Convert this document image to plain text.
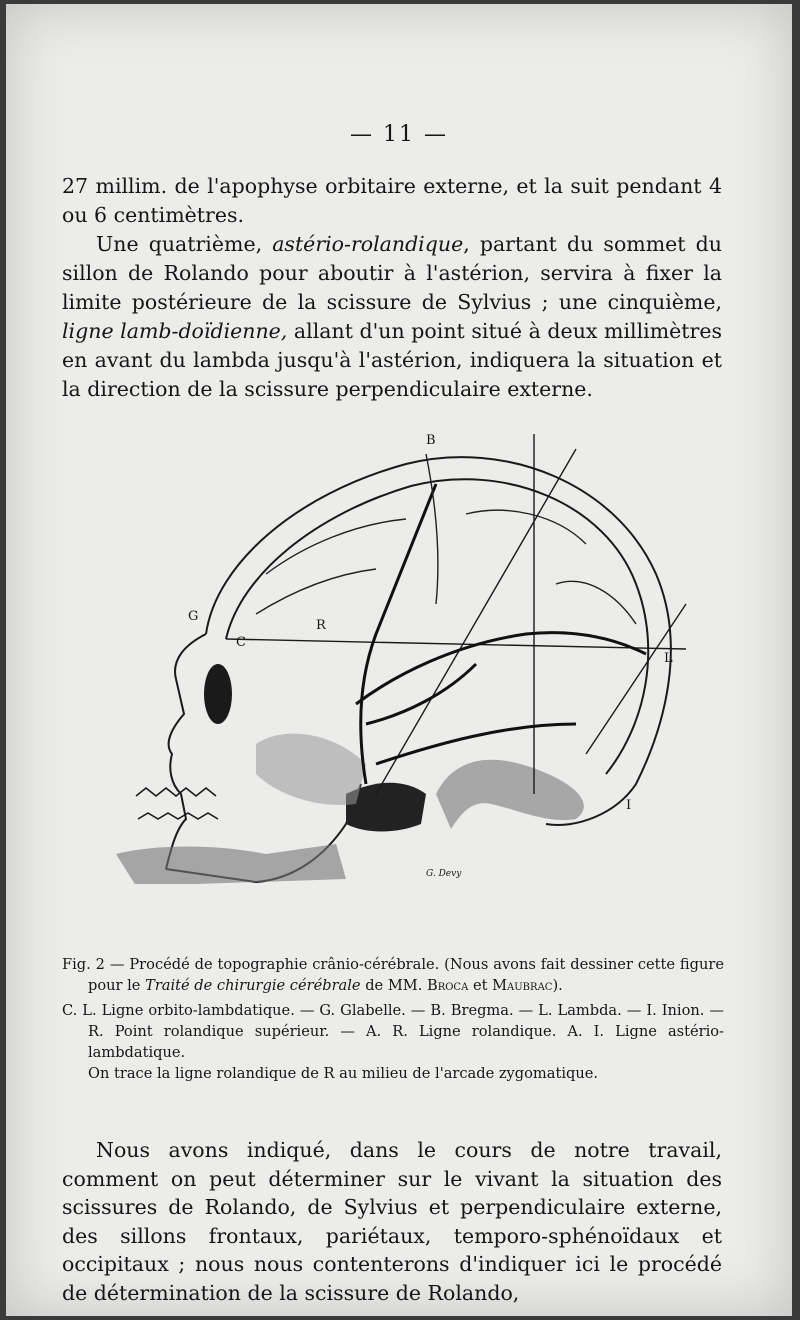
— 11 —

27 millim. de l'apophyse orbitaire externe, et la suit pendant 4 ou 6 centimètres.

Une quatrième, astério-rolandique, partant du sommet du sillon de Rolando pour aboutir à l'astérion, servira à fixer la limite postérieure de la scissure de Sylvius ; une cinquième, ligne lamb-doïdienne, allant d'un point situé à deux millimètres en avant du lambda jusqu'à l'astérion, indiquera la situation et la direction de la scissure perpendiculaire externe.

B
G
C
R
L
I
G. Devy

Fig. 2 — Procédé de topographie crânio-cérébrale. (Nous avons fait dessiner cette figure pour le Traité de chirurgie cérébrale de MM. Broca et Maubrac).

C. L. Ligne orbito-lambdatique. — G. Glabelle. — B. Bregma. — L. Lambda. — I. Inion. — R. Point rolandique supérieur. — A. R. Ligne rolandique. A. I. Ligne astério-lambdatique.

On trace la ligne rolandique de R au milieu de l'arcade zygomatique.

Nous avons indiqué, dans le cours de notre travail, comment on peut déterminer sur le vivant la situation des scissures de Rolando, de Sylvius et perpendiculaire externe, des sillons frontaux, pariétaux, temporo-sphénoïdaux et occipitaux ; nous nous contenterons d'indiquer ici le procédé de détermination de la scissure de Rolando,
